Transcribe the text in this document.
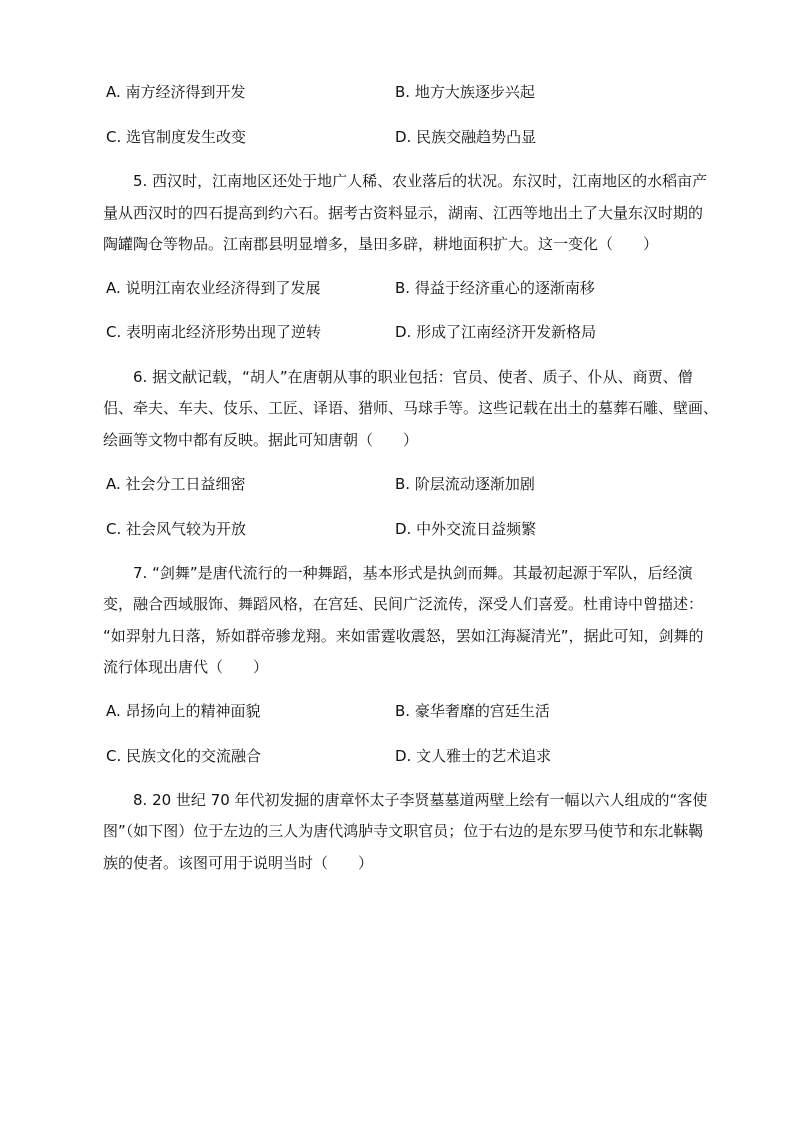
A. 南方经济得到开发	B. 地方大族逐步兴起
C. 选官制度发生改变	D. 民族交融趋势凸显
5. 西汉时，江南地区还处于地广人稀、农业落后的状况。东汉时，江南地区的水稻亩产
量从西汉时的四石提高到约六石。据考古资料显示，湖南、江西等地出土了大量东汉时期的
陶罐陶仓等物品。江南郡县明显增多，垦田多辟，耕地面积扩大。这一变化（　　）
A. 说明江南农业经济得到了发展	B. 得益于经济重心的逐渐南移
C. 表明南北经济形势出现了逆转	D. 形成了江南经济开发新格局
6. 据文献记载，“胡人”在唐朝从事的职业包括：官员、使者、质子、仆从、商贾、僧
侣、牵夫、车夫、伎乐、工匠、译语、猎师、马球手等。这些记载在出土的墓葬石雕、壁画、
绘画等文物中都有反映。据此可知唐朝（　　）
A. 社会分工日益细密	B. 阶层流动逐渐加剧
C. 社会风气较为开放	D. 中外交流日益频繁
7. “剑舞”是唐代流行的一种舞蹈，基本形式是执剑而舞。其最初起源于军队，后经演
变，融合西域服饰、舞蹈风格，在宫廷、民间广泛流传，深受人们喜爱。杜甫诗中曾描述：
“如羿射九日落，矫如群帝骖龙翔。来如雷霆收震怒，罢如江海凝清光”，据此可知，剑舞的
流行体现出唐代（　　）
A. 昂扬向上的精神面貌	B. 豪华奢靡的宫廷生活
C. 民族文化的交流融合	D. 文人雅士的艺术追求
8. 20 世纪 70 年代初发掘的唐章怀太子李贤墓墓道两壁上绘有一幅以六人组成的“客使
图”（如下图）位于左边的三人为唐代鸿胪寺文职官员；位于右边的是东罗马使节和东北靺鞨
族的使者。该图可用于说明当时（　　）
